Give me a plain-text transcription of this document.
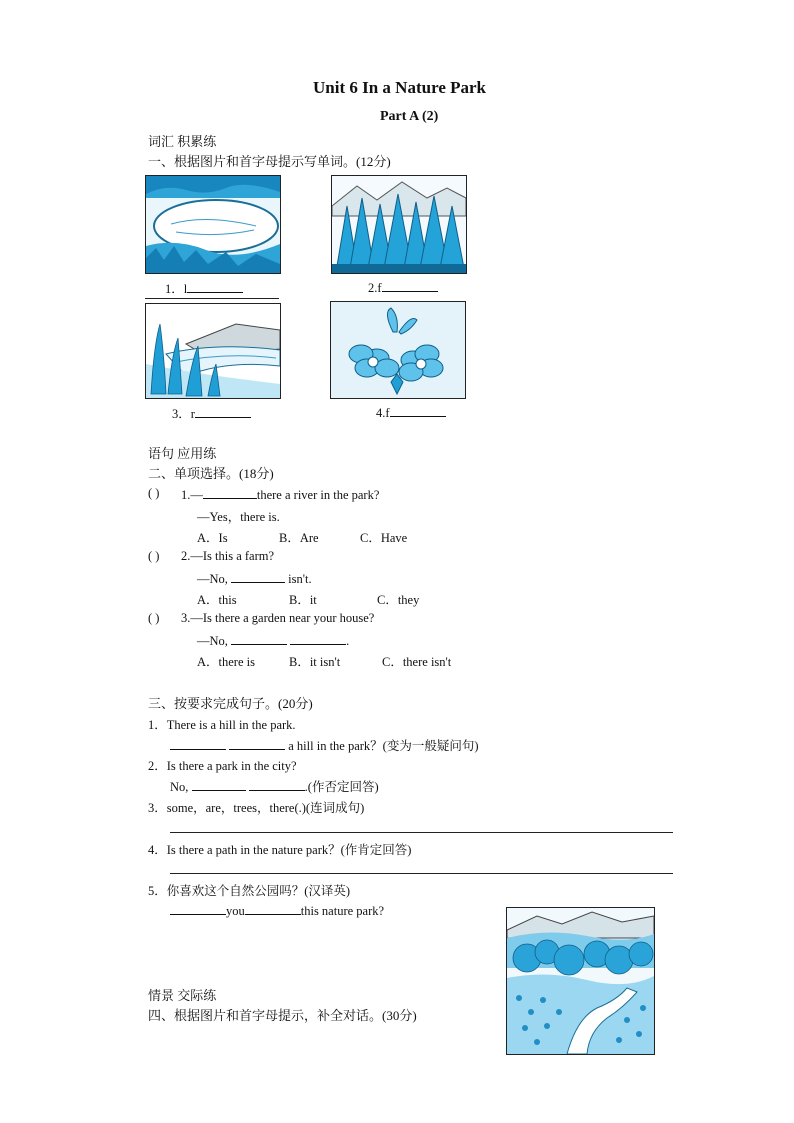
Unit 6 In a Nature Park
Part A (2)
词汇 积累练
一、根据图片和首字母提示写单词。(12分)
1．l	2.f
3．r	4.f
语句 应用练
二、单项选择。(18分)
( ) 1.—	there a river in the park?
—Yes，there is.
A．Is	B．Are	C．Have
( ) 2.—Is this a farm?
—No,	isn't.
A．this	B．it	C．they
( ) 3.—Is there a garden near your house?
—No,	.
A．there is	B．it isn't	C．there isn't
三、按要求完成句子。(20分)
1．There is a hill in the park.
a hill in the park？(变为一般疑问句)
2．Is there a park in the city?
No,	.(作否定回答)
3．some，are，trees，there(.)(连词成句)
4．Is there a path in the nature park？(作肯定回答)
5．你喜欢这个自然公园吗？(汉译英)
you	this nature park?
情景 交际练
四、根据图片和首字母提示，补全对话。(30分)
